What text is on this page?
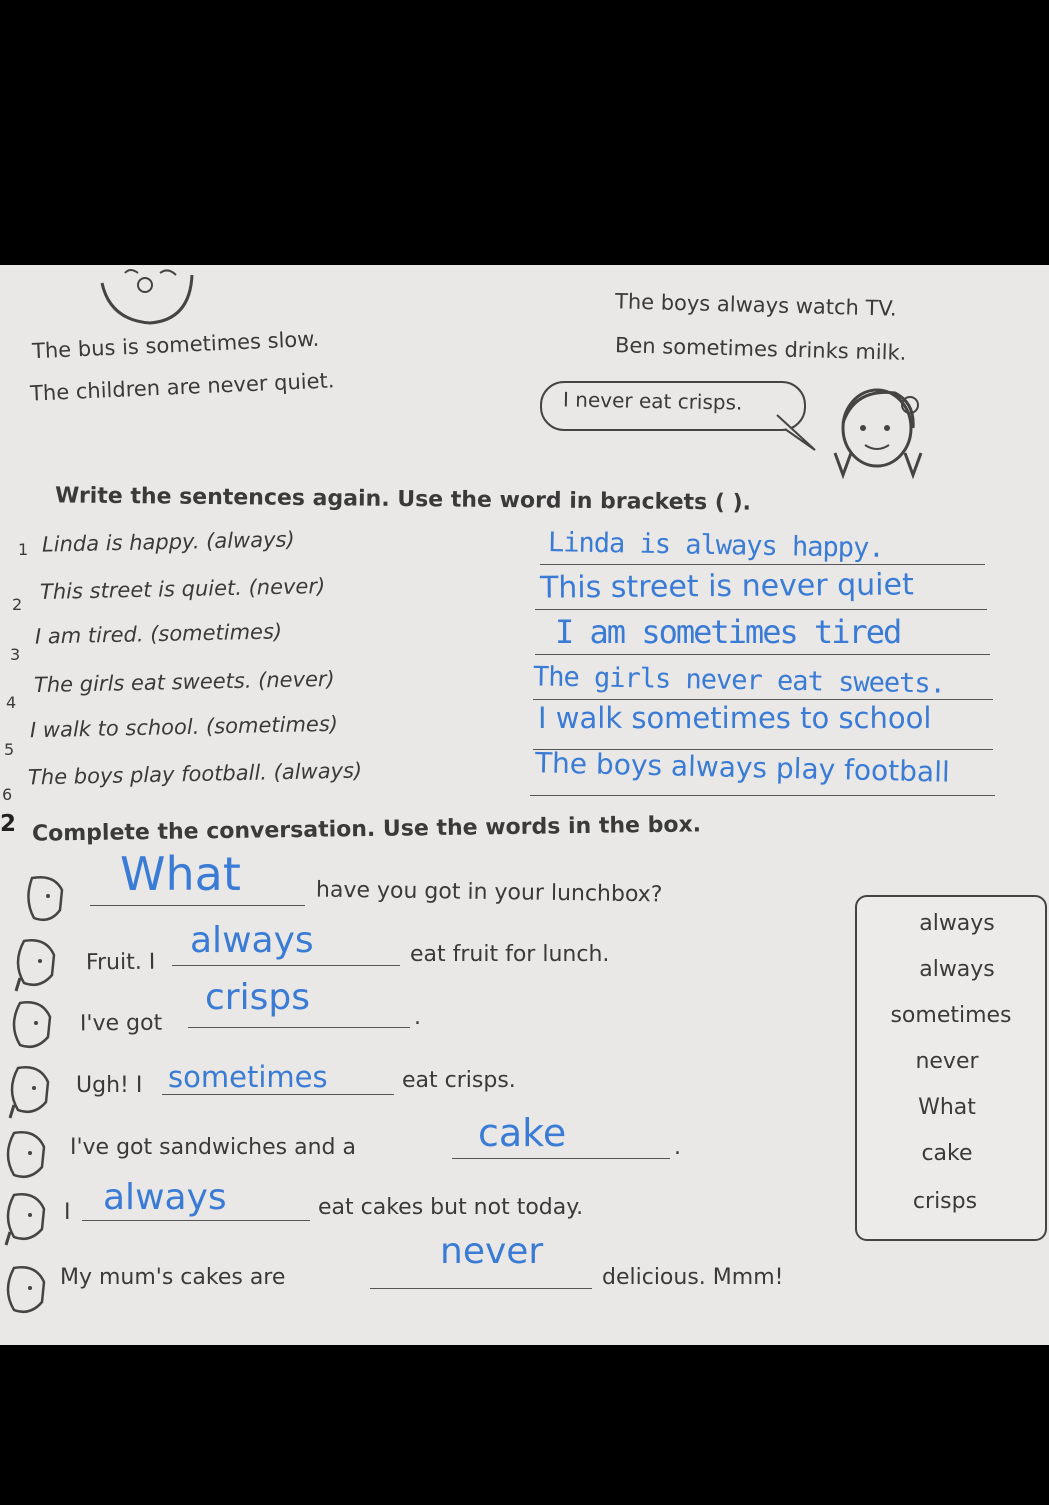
The bus is sometimes slow.
The children are never quiet.
The boys always watch TV.
Ben sometimes drinks milk.
I never eat crisps.
Write the sentences again. Use the word in brackets ( ).
1 Linda is happy. (always)	Linda is always happy.
2
This street is quiet. (never)	This street is never quiet
3
I am tired. (sometimes)	I am sometimes tired
4
The girls eat sweets. (never)	The girls never eat sweets.
5
I walk to school. (sometimes)	I walk sometimes to school
6
The boys play football. (always)	The boys always play football
2 Complete the conversation. Use the words in the box.
always
always
sometimes
never
What
cake
crisps
What	have you got in your lunchbox?
Fruit. I
always	eat fruit for lunch.
I've got
crisps	.
Ugh! I sometimes	eat crisps.
I've got sandwiches and a	cake	.
I always	eat cakes but not today.
My mum's cakes are
never
delicious. Mmm!
